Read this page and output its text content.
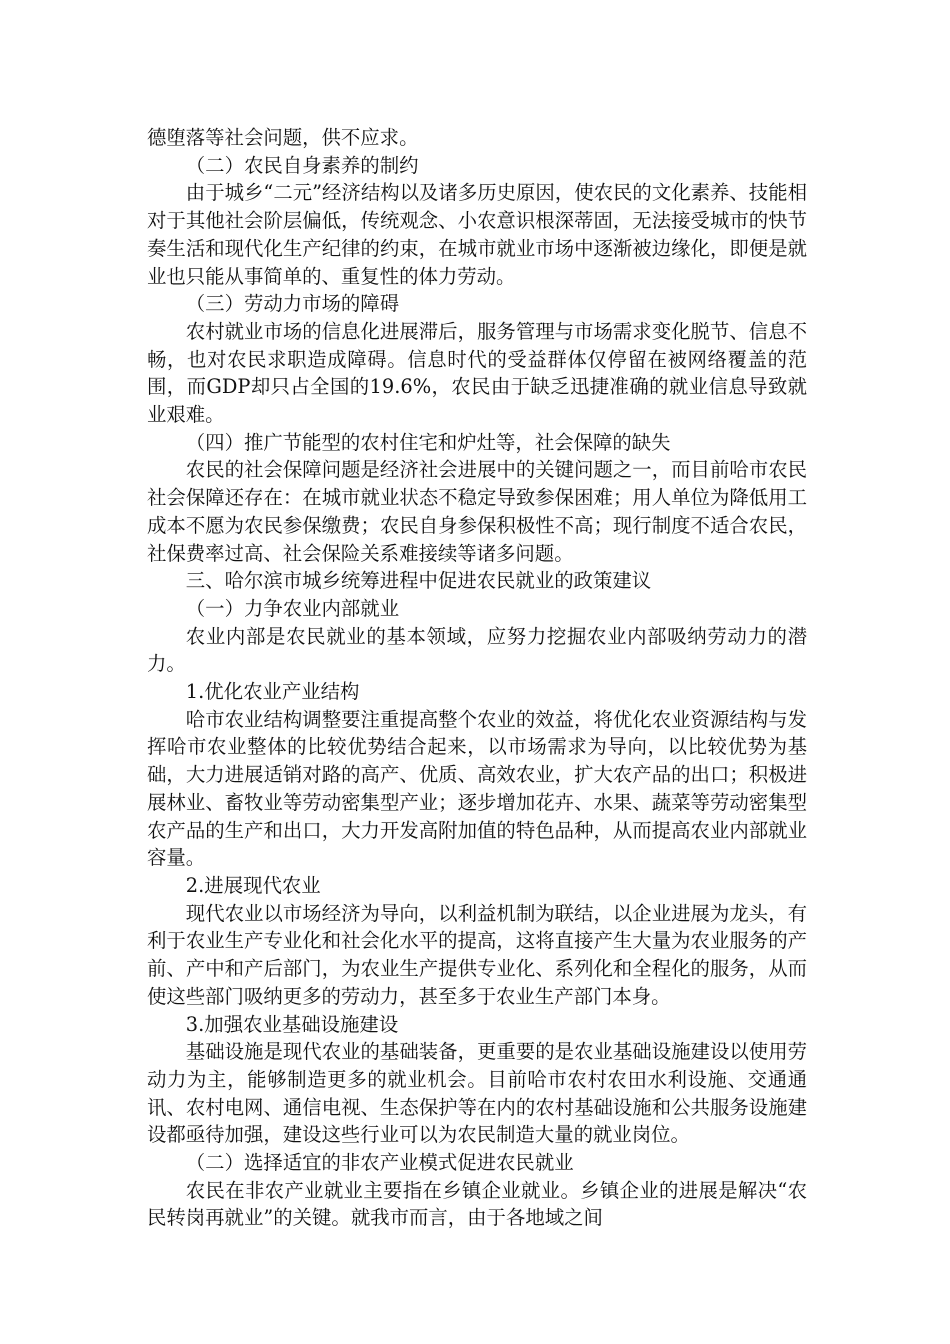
德堕落等社会问题，供不应求。

（二）农民自身素养的制约

由于城乡“二元”经济结构以及诸多历史原因，使农民的文化素养、技能相对于其他社会阶层偏低，传统观念、小农意识根深蒂固，无法接受城市的快节奏生活和现代化生产纪律的约束，在城市就业市场中逐渐被边缘化，即便是就业也只能从事简单的、重复性的体力劳动。

（三）劳动力市场的障碍

农村就业市场的信息化进展滞后，服务管理与市场需求变化脱节、信息不畅，也对农民求职造成障碍。信息时代的受益群体仅停留在被网络覆盖的范围，而GDP却只占全国的19.6%，农民由于缺乏迅捷准确的就业信息导致就业艰难。

（四）推广节能型的农村住宅和炉灶等，社会保障的缺失

农民的社会保障问题是经济社会进展中的关键问题之一，而目前哈市农民社会保障还存在：在城市就业状态不稳定导致参保困难；用人单位为降低用工成本不愿为农民参保缴费；农民自身参保积极性不高；现行制度不适合农民，社保费率过高、社会保险关系难接续等诸多问题。

三、哈尔滨市城乡统筹进程中促进农民就业的政策建议

（一）力争农业内部就业

农业内部是农民就业的基本领域，应努力挖掘农业内部吸纳劳动力的潜力。

1.优化农业产业结构

哈市农业结构调整要注重提高整个农业的效益，将优化农业资源结构与发挥哈市农业整体的比较优势结合起来，以市场需求为导向，以比较优势为基础，大力进展适销对路的高产、优质、高效农业，扩大农产品的出口；积极进展林业、畜牧业等劳动密集型产业；逐步增加花卉、水果、蔬菜等劳动密集型农产品的生产和出口，大力开发高附加值的特色品种，从而提高农业内部就业容量。

2.进展现代农业

现代农业以市场经济为导向，以利益机制为联结，以企业进展为龙头，有利于农业生产专业化和社会化水平的提高，这将直接产生大量为农业服务的产前、产中和产后部门，为农业生产提供专业化、系列化和全程化的服务，从而使这些部门吸纳更多的劳动力，甚至多于农业生产部门本身。

3.加强农业基础设施建设

基础设施是现代农业的基础装备，更重要的是农业基础设施建设以使用劳动力为主，能够制造更多的就业机会。目前哈市农村农田水利设施、交通通讯、农村电网、通信电视、生态保护等在内的农村基础设施和公共服务设施建设都亟待加强，建设这些行业可以为农民制造大量的就业岗位。

（二）选择适宜的非农产业模式促进农民就业

农民在非农产业就业主要指在乡镇企业就业。乡镇企业的进展是解决“农民转岗再就业”的关键。就我市而言，由于各地域之间
